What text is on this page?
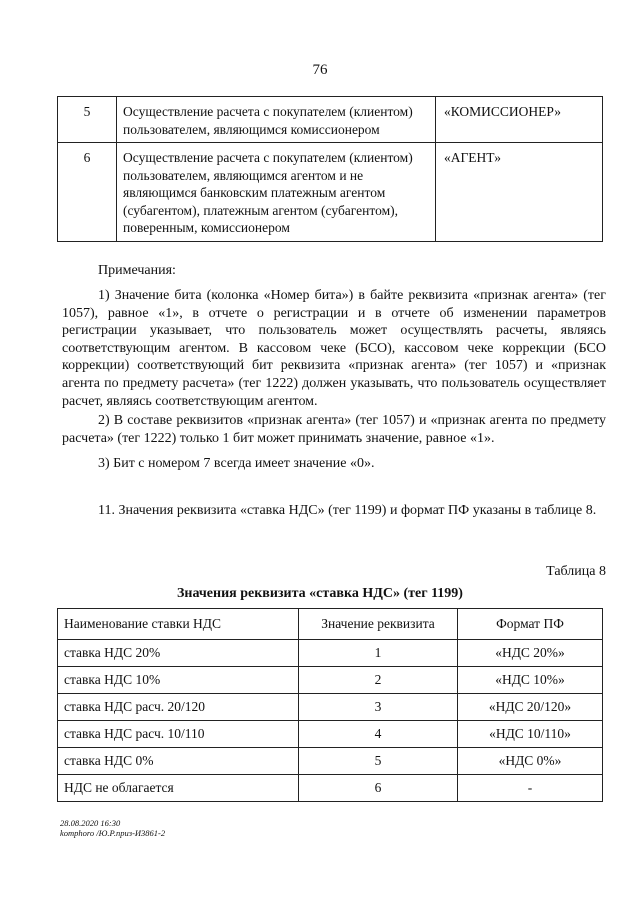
76
5	Осуществление расчета с покупателем (клиентом) пользователем, являющимся комиссионером	«КОМИССИОНЕР»
6	Осуществление расчета с покупателем (клиентом) пользователем, являющимся агентом и не являющимся банковским платежным агентом (субагентом), платежным агентом (субагентом), поверенным, комиссионером	«АГЕНТ»
Примечания:

1) Значение бита (колонка «Номер бита») в байте реквизита «признак агента» (тег 1057), равное «1», в отчете о регистрации и в отчете об изменении параметров регистрации указывает, что пользователь может осуществлять расчеты, являясь соответствующим агентом. В кассовом чеке (БСО), кассовом чеке коррекции (БСО коррекции) соответствующий бит реквизита «признак агента» (тег 1057) и «признак агента по предмету расчета» (тег 1222) должен указывать, что пользователь осуществляет расчет, являясь соответствующим агентом.

2) В составе реквизитов «признак агента» (тег 1057) и «признак агента по предмету расчета» (тег 1222) только 1 бит может принимать значение, равное «1».

3) Бит с номером 7 всегда имеет значение «0».

11. Значения реквизита «ставка НДС» (тег 1199) и формат ПФ указаны в таблице 8.

Таблица 8
Значения реквизита «ставка НДС» (тег 1199)
Наименование ставки НДС	Значение реквизита	Формат ПФ
ставка НДС 20%	1	«НДС 20%»
ставка НДС 10%	2	«НДС 10%»
ставка НДС расч. 20/120	3	«НДС 20/120»
ставка НДС расч. 10/110	4	«НДС 10/110»
ставка НДС 0%	5	«НДС 0%»
НДС не облагается	6	-
28.08.2020 16:30
komphoro /Ю.Р.приз-И3861-2
